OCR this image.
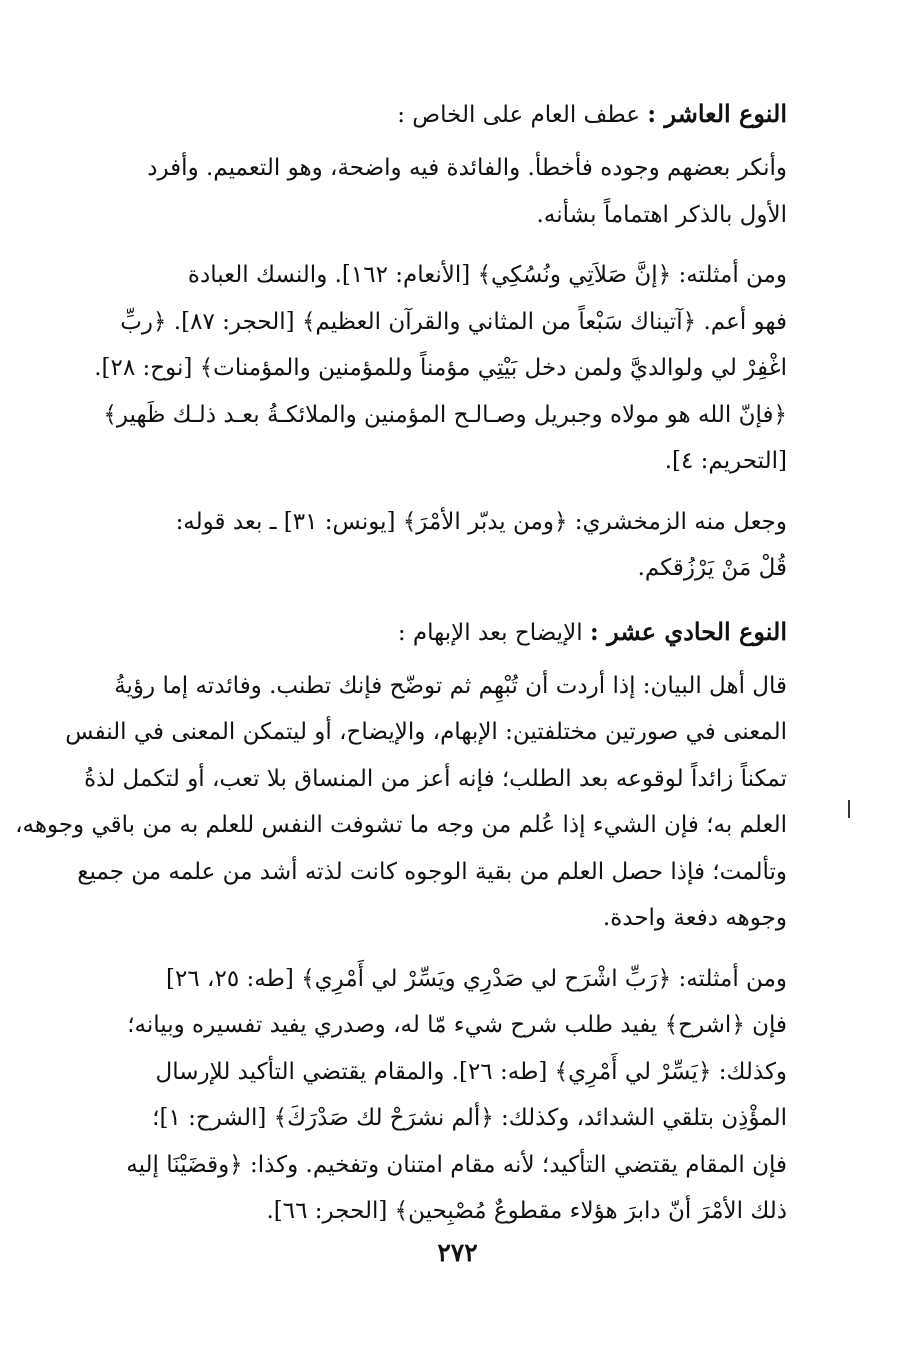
النوع العاشر : عطف العام على الخاص :

وأنكر بعضهم وجوده فأخطأ. والفائدة فيه واضحة، وهو التعميم. وأفرد
الأول بالذكر اهتماماً بشأنه.

ومن أمثلته: ﴿إنَّ صَلاَتِي ونُسُكِي﴾ [الأنعام: ١٦٢]. والنسك العبادة
فهو أعم. ﴿آتيناك سَبْعاً من المثاني والقرآن العظيم﴾ [الحجر: ٨٧]. ﴿ربِّ
اغْفِرْ لي ولوالديَّ ولمن دخل بَيْتِي مؤمناً وللمؤمنين والمؤمنات﴾ [نوح: ٢٨].
﴿فإنّ الله هو مولاه وجبريل وصـالـح المؤمنين والملائكـةُ بعـد ذلـك ظَهير﴾
[التحريم: ٤].

وجعل منه الزمخشري: ﴿ومن يدبّر الأمْرَ﴾ [يونس: ٣١] ـ بعد قوله:
قُلْ مَنْ يَرْزُقكم.

النوع الحادي عشر : الإيضاح بعد الإبهام :

قال أهل البيان: إذا أردت أن تُبْهِم ثم توضّح فإنك تطنب. وفائدته إما رؤيةُ
المعنى في صورتين مختلفتين: الإبهام، والإيضاح، أو ليتمكن المعنى في النفس
تمكناً زائداً لوقوعه بعد الطلب؛ فإنه أعز من المنساق بلا تعب، أو لتكمل لذةُ
العلم به؛ فإن الشيء إذا عُلم من وجه ما تشوفت النفس للعلم به من باقي وجوهه،
وتألمت؛ فإذا حصل العلم من بقية الوجوه كانت لذته أشد من علمه من جميع
وجوهه دفعة واحدة.

ومن أمثلته: ﴿رَبِّ اشْرَح لي صَدْرِي ويَسِّرْ لي أَمْرِي﴾ [طه: ٢٥، ٢٦]
فإن ﴿اشرح﴾ يفيد طلب شرح شيء مّا له، وصدري يفيد تفسيره وبيانه؛
وكذلك: ﴿يَسِّرْ لي أَمْرِي﴾ [طه: ٢٦]. والمقام يقتضي التأكيد للإرسال
المؤْذِن بتلقي الشدائد، وكذلك: ﴿ألم نشرَحْ لك صَدْرَكَ﴾ [الشرح: ١]؛
فإن المقام يقتضي التأكيد؛ لأنه مقام امتنان وتفخيم. وكذا: ﴿وقضَيْنَا إليه
ذلك الأمْرَ أنّ دابرَ هؤلاء مقطوعٌ مُصْبِحين﴾ [الحجر: ٦٦].

٢٧٢
